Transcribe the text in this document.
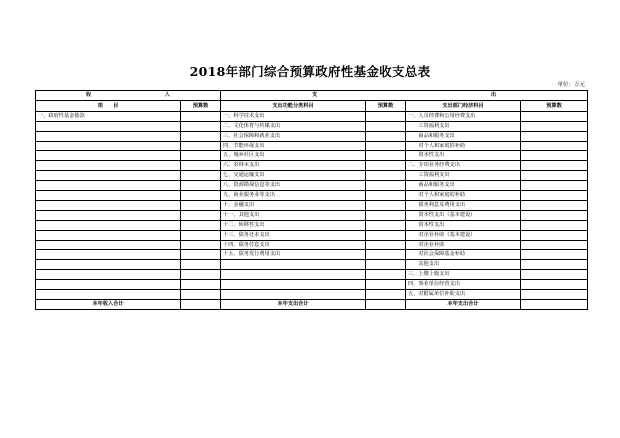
2018年部门综合预算政府性基金收支总表
单位：万元
收 入		支 出			
项　　目	预算数	支出功能分类科目	预算数	支出部门经济科目	预算数
一、政府性基金拨款		一、科学技术支出		一、人员经费和公用经费支出	
		二、文化体育与传媒支出		　　工资福利支出	
		三、社会保障和就业支出		　　商品和服务支出	
		四、节能环保支出		　　对个人和家庭的补助	
		五、城乡社区支出		　　资本性支出	
		六、农林水支出		二、专项业务经费支出	
		七、交通运输支出		　　工资福利支出	
		八、资源勘探信息等支出		　　商品和服务支出	
		九、商业服务业等支出		　　对个人和家庭的补助	
		十、金融支出		　　债务利息及费用支出	
		十一、其他支出		　　资本性支出（基本建设）	
		十二、转移性支出		　　资本性支出	
		十三、债务还本支出		　　对企业补助（基本建设）	
		十四、债务付息支出		　　对企业补助	
		十五、债务发行费用支出		　　对社会保障基金补助	
				　　其他支出	
				三、上缴上级支出	
				四、事业单位经营支出	
				五、对附属单位补助支出	
本年收入合计		本年支出合计		本年支出合计	
